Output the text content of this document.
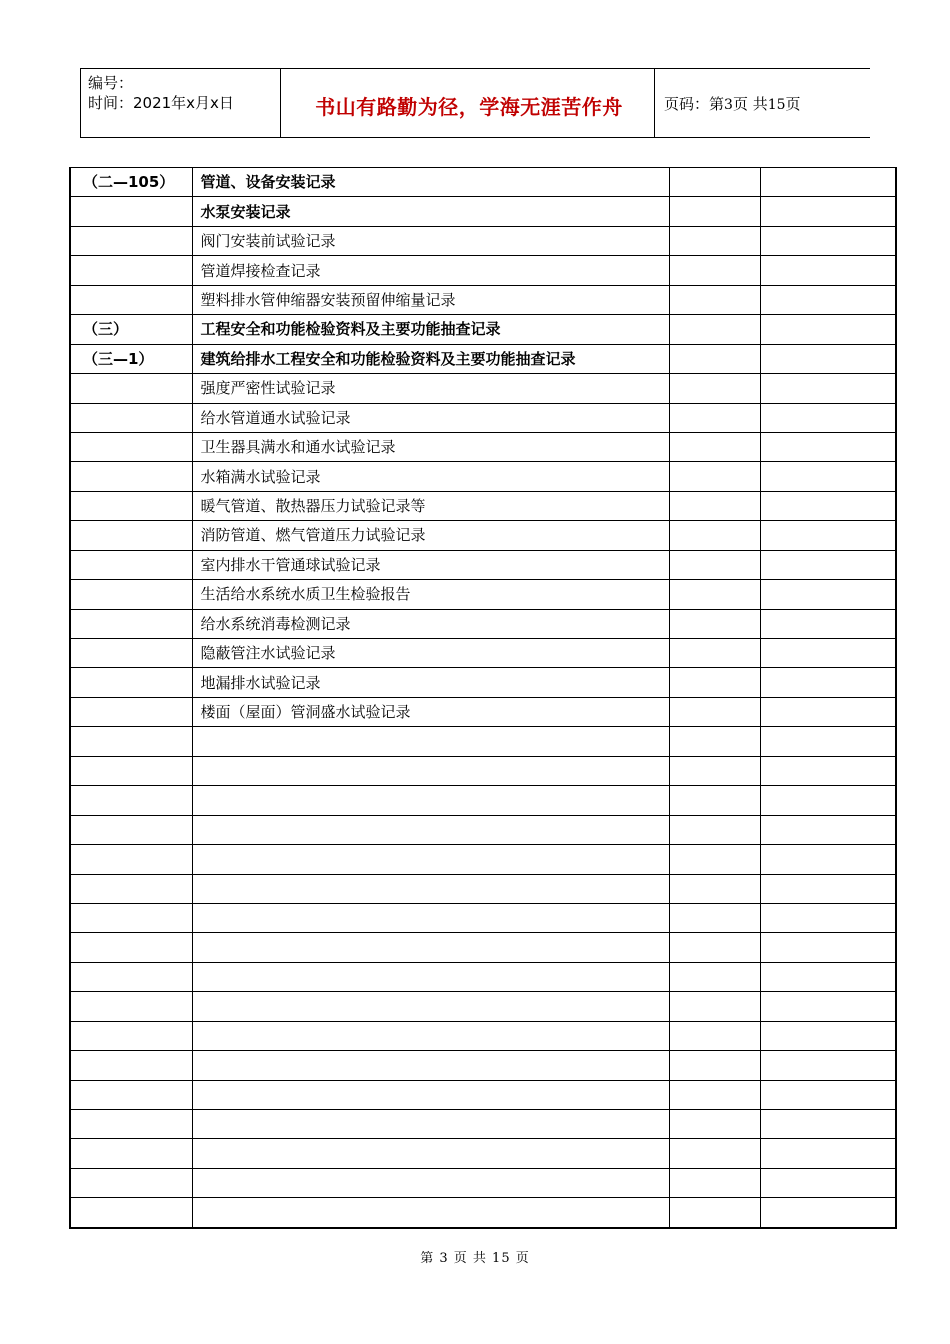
编号：
时间：2021年x月x日	书山有路勤为径，学海无涯苦作舟	页码：第3页 共15页
（二—105）	管道、设备安装记录		
	水泵安装记录		
	阀门安装前试验记录		
	管道焊接检查记录		
	塑料排水管伸缩器安装预留伸缩量记录		
（三）	工程安全和功能检验资料及主要功能抽查记录		
（三—1）	建筑给排水工程安全和功能检验资料及主要功能抽查记录		
	强度严密性试验记录		
	给水管道通水试验记录		
	卫生器具满水和通水试验记录		
	水箱满水试验记录		
	暖气管道、散热器压力试验记录等		
	消防管道、燃气管道压力试验记录		
	室内排水干管通球试验记录		
	生活给水系统水质卫生检验报告		
	给水系统消毒检测记录		
	隐蔽管注水试验记录		
	地漏排水试验记录		
	楼面（屋面）管洞盛水试验记录		

第 3 页 共 15 页
